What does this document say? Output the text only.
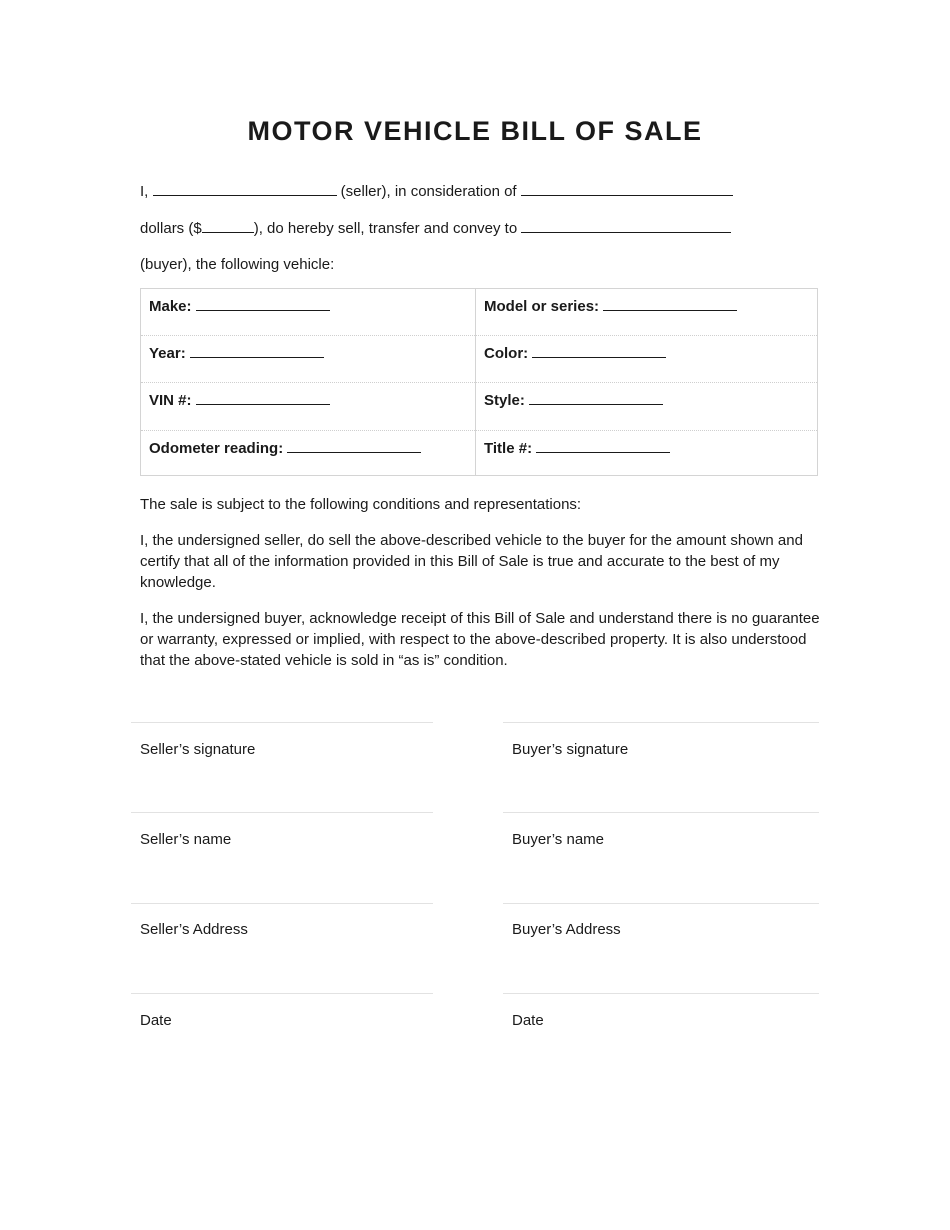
MOTOR VEHICLE BILL OF SALE
I,	(seller), in consideration of
dollars ($	), do hereby sell, transfer and convey to
(buyer), the following vehicle:
Make:	Model or series:
Year:	Color:
VIN #:	Style:
Odometer reading:	Title #:
The sale is subject to the following conditions and representations:
I, the undersigned seller, do sell the above-described vehicle to the buyer for the amount shown and certify that all of the information provided in this Bill of Sale is true and accurate to the best of my knowledge.
I, the undersigned buyer, acknowledge receipt of this Bill of Sale and understand there is no guarantee or warranty, expressed or implied, with respect to the above-described property. It is also understood that the above-stated vehicle is sold in “as is” condition.
Seller’s signature	Buyer’s signature
Seller’s name	Buyer’s name
Seller’s Address	Buyer’s Address
Date	Date
